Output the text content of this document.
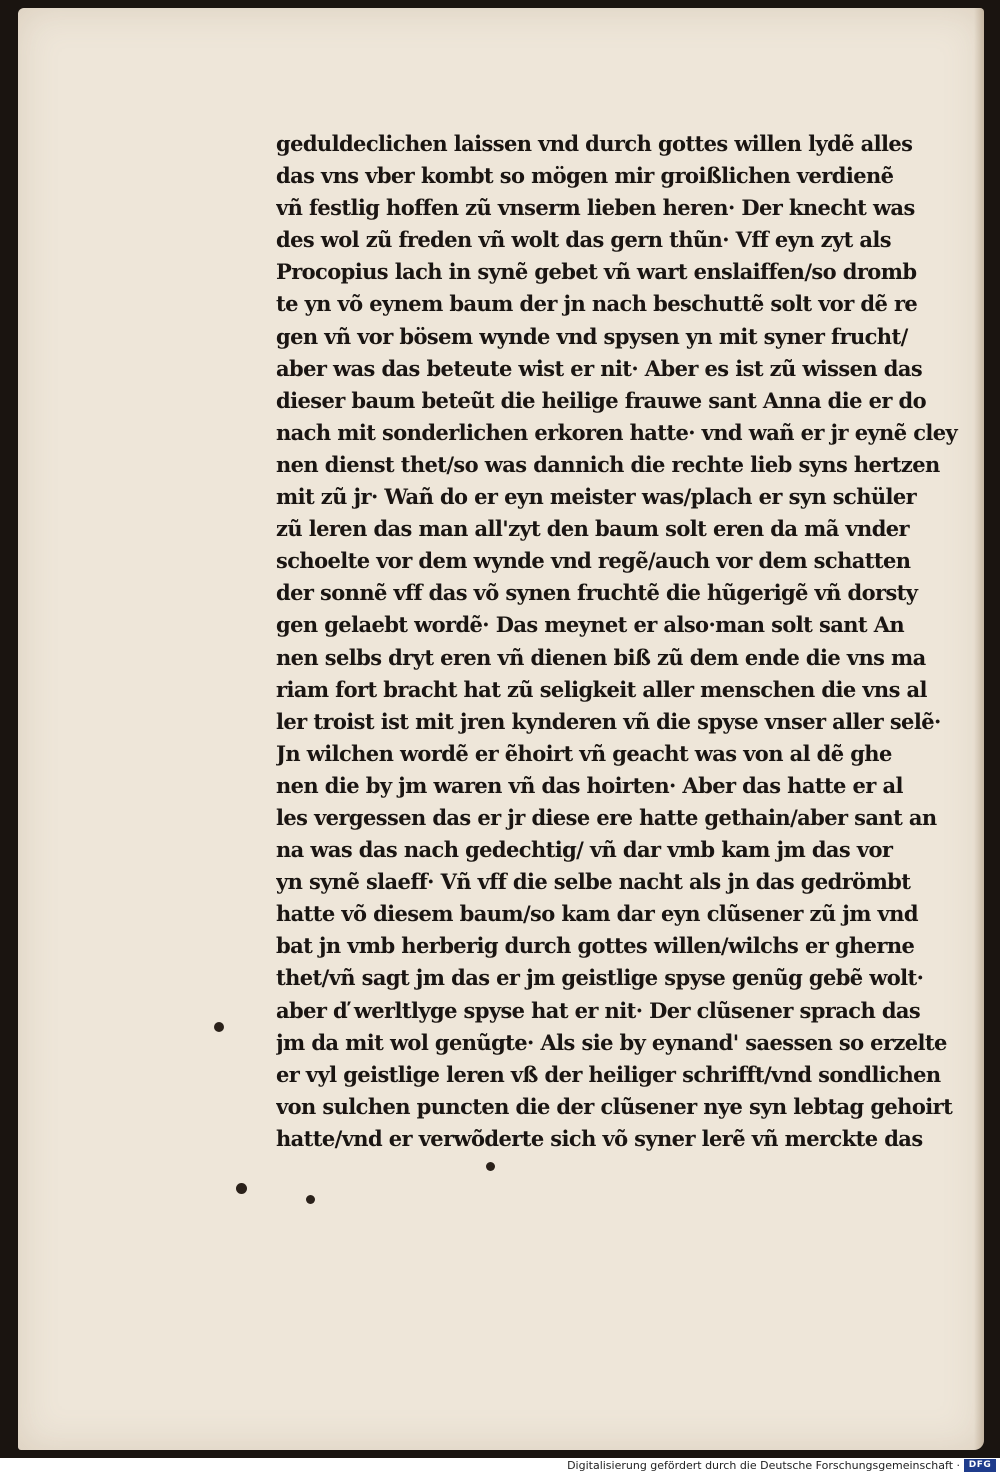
geduldeclichen laissen vnd durch gottes willen lydẽ alles
das vns vber kombt so mögen mir groißlichen verdienẽ
vñ festlig hoffen zũ vnserm lieben heren· Der knecht was
des wol zũ freden vñ wolt das gern thũn· Vff eyn zyt als
Procopius lach in synẽ gebet vñ wart enslaiffen/so dromb
te yn võ eynem baum der jn nach beschuttẽ solt vor dẽ re
gen vñ vor bösem wynde vnd spysen yn mit syner frucht/
aber was das beteute wist er nit· Aber es ist zũ wissen das
dieser baum beteũt die heilige frauwe sant Anna die er do
nach mit sonderlichen erkoren hatte· vnd wañ er jr eynẽ cley
nen dienst thet/so was dannich die rechte lieb syns hertzen
mit zũ jr· Wañ do er eyn meister was/plach er syn schüler
zũ leren das man all'zyt den baum solt eren da mã vnder
schoelte vor dem wynde vnd regẽ/auch vor dem schatten
der sonnẽ vff das võ synen fruchtẽ die hũgerigẽ vñ dorsty
gen gelaebt wordẽ· Das meynet er also·man solt sant An
nen selbs dryt eren vñ dienen biß zũ dem ende die vns ma
riam fort bracht hat zũ seligkeit aller menschen die vns al
ler troist ist mit jren kynderen vñ die spyse vnser aller selẽ·
Jn wilchen wordẽ er ẽhoirt vñ geacht was von al dẽ ghe
nen die by jm waren vñ das hoirten· Aber das hatte er al
les vergessen das er jr diese ere hatte gethain/aber sant an
na was das nach gedechtig/ vñ dar vmb kam jm das vor
yn synẽ slaeff· Vñ vff die selbe nacht als jn das gedrömbt
hatte võ diesem baum/so kam dar eyn clũsener zũ jm vnd
bat jn vmb herberig durch gottes willen/wilchs er gherne
thet/vñ sagt jm das er jm geistlige spyse genũg gebẽ wolt·
aber ď werltlyge spyse hat er nit· Der clũsener sprach das
jm da mit wol genũgte· Als sie by eynand' saessen so erzelte
er vyl geistlige leren vß der heiliger schrifft/vnd sondlichen
von sulchen puncten die der clũsener nye syn lebtag gehoirt
hatte/vnd er verwõderte sich võ syner lerẽ vñ merckte das
Digitalisierung gefördert durch die Deutsche Forschungsgemeinschaft · DFG
